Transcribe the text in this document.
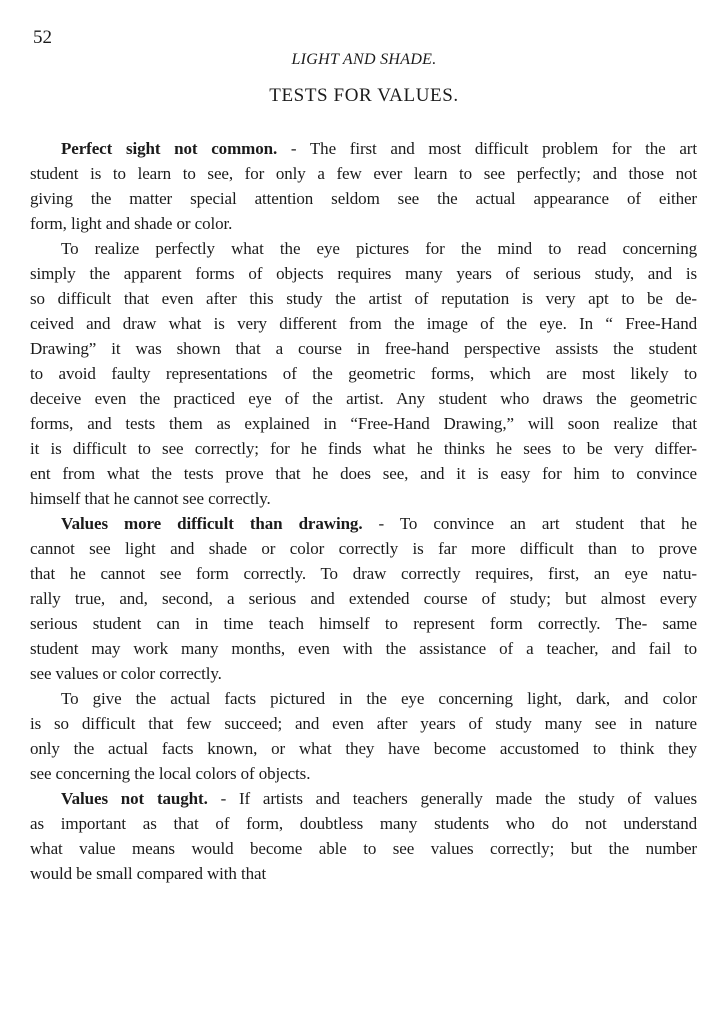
52
LIGHT AND SHADE.
TESTS FOR VALUES.
Perfect sight not common. - The first and most difficult problem for the art
student is to learn to see, for only a few ever learn to see perfectly; and those not
giving the matter special attention seldom see the actual appearance of either
form, light and shade or color.
To realize perfectly what the eye pictures for the mind to read concerning
simply the apparent forms of objects requires many years of serious study, and is
so difficult that even after this study the artist of reputation is very apt to be de-
ceived and draw what is very different from the image of the eye. In “ Free-Hand
Drawing” it was shown that a course in free-hand perspective assists the student
to avoid faulty representations of the geometric forms, which are most likely to
deceive even the practiced eye of the artist. Any student who draws the geometric
forms, and tests them as explained in “Free-Hand Drawing,” will soon realize that
it is difficult to see correctly; for he finds what he thinks he sees to be very differ-
ent from what the tests prove that he does see, and it is easy for him to convince
himself that he cannot see correctly.
Values more difficult than drawing. - To convince an art student that he
cannot see light and shade or color correctly is far more difficult than to prove
that he cannot see form correctly. To draw correctly requires, first, an eye natu-
rally true, and, second, a serious and extended course of study; but almost every
serious student can in time teach himself to represent form correctly. The- same
student may work many months, even with the assistance of a teacher, and fail to
see values or color correctly.
To give the actual facts pictured in the eye concerning light, dark, and color
is so difficult that few succeed; and even after years of study many see in nature
only the actual facts known, or what they have become accustomed to think they
see concerning the local colors of objects.
Values not taught. - If artists and teachers generally made the study of values
as important as that of form, doubtless many students who do not understand
what value means would become able to see values correctly; but the number
would be small compared with that
